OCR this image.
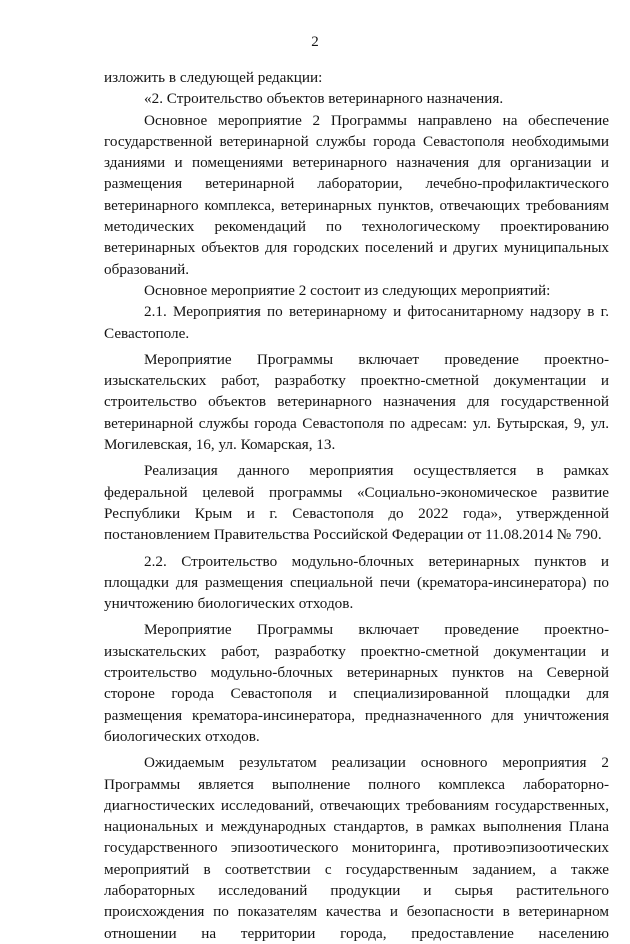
2

изложить в следующей редакции:

«2. Строительство объектов ветеринарного назначения.

Основное мероприятие 2 Программы направлено на обеспечение государственной ветеринарной службы города Севастополя необходимыми зданиями и помещениями ветеринарного назначения для организации и размещения ветеринарной лаборатории, лечебно-профилактического ветеринарного комплекса, ветеринарных пунктов, отвечающих требованиям методических рекомендаций по технологическому проектированию ветеринарных объектов для городских поселений и других муниципальных образований.

Основное мероприятие 2 состоит из следующих мероприятий:

2.1. Мероприятия по ветеринарному и фитосанитарному надзору в г. Севастополе.

Мероприятие Программы включает проведение проектно-изыскательских работ, разработку проектно-сметной документации и строительство объектов ветеринарного назначения для государственной ветеринарной службы города Севастополя по адресам: ул. Бутырская, 9, ул. Могилевская, 16, ул. Комарская, 13.

Реализация данного мероприятия осуществляется в рамках федеральной целевой программы «Социально-экономическое развитие Республики Крым и г. Севастополя до 2022 года», утвержденной постановлением Правительства Российской Федерации от 11.08.2014 № 790.

2.2. Строительство модульно-блочных ветеринарных пунктов и площадки для размещения специальной печи (крематора-инсинератора) по уничтожению биологических отходов.

Мероприятие Программы включает проведение проектно-изыскательских работ, разработку проектно-сметной документации и строительство модульно-блочных ветеринарных пунктов на Северной стороне города Севастополя и специализированной площадки для размещения крематора-инсинератора, предназначенного для уничтожения биологических отходов.

Ожидаемым результатом реализации основного мероприятия 2 Программы является выполнение полного комплекса лабораторно-диагностических исследований, отвечающих требованиям государственных, национальных и международных стандартов, в рамках выполнения Плана государственного эпизоотического мониторинга, противоэпизоотических мероприятий в соответствии с государственным заданием, а также лабораторных исследований продукции и сырья растительного происхождения по показателям качества и безопасности в ветеринарном отношении на территории города, предоставление населению
